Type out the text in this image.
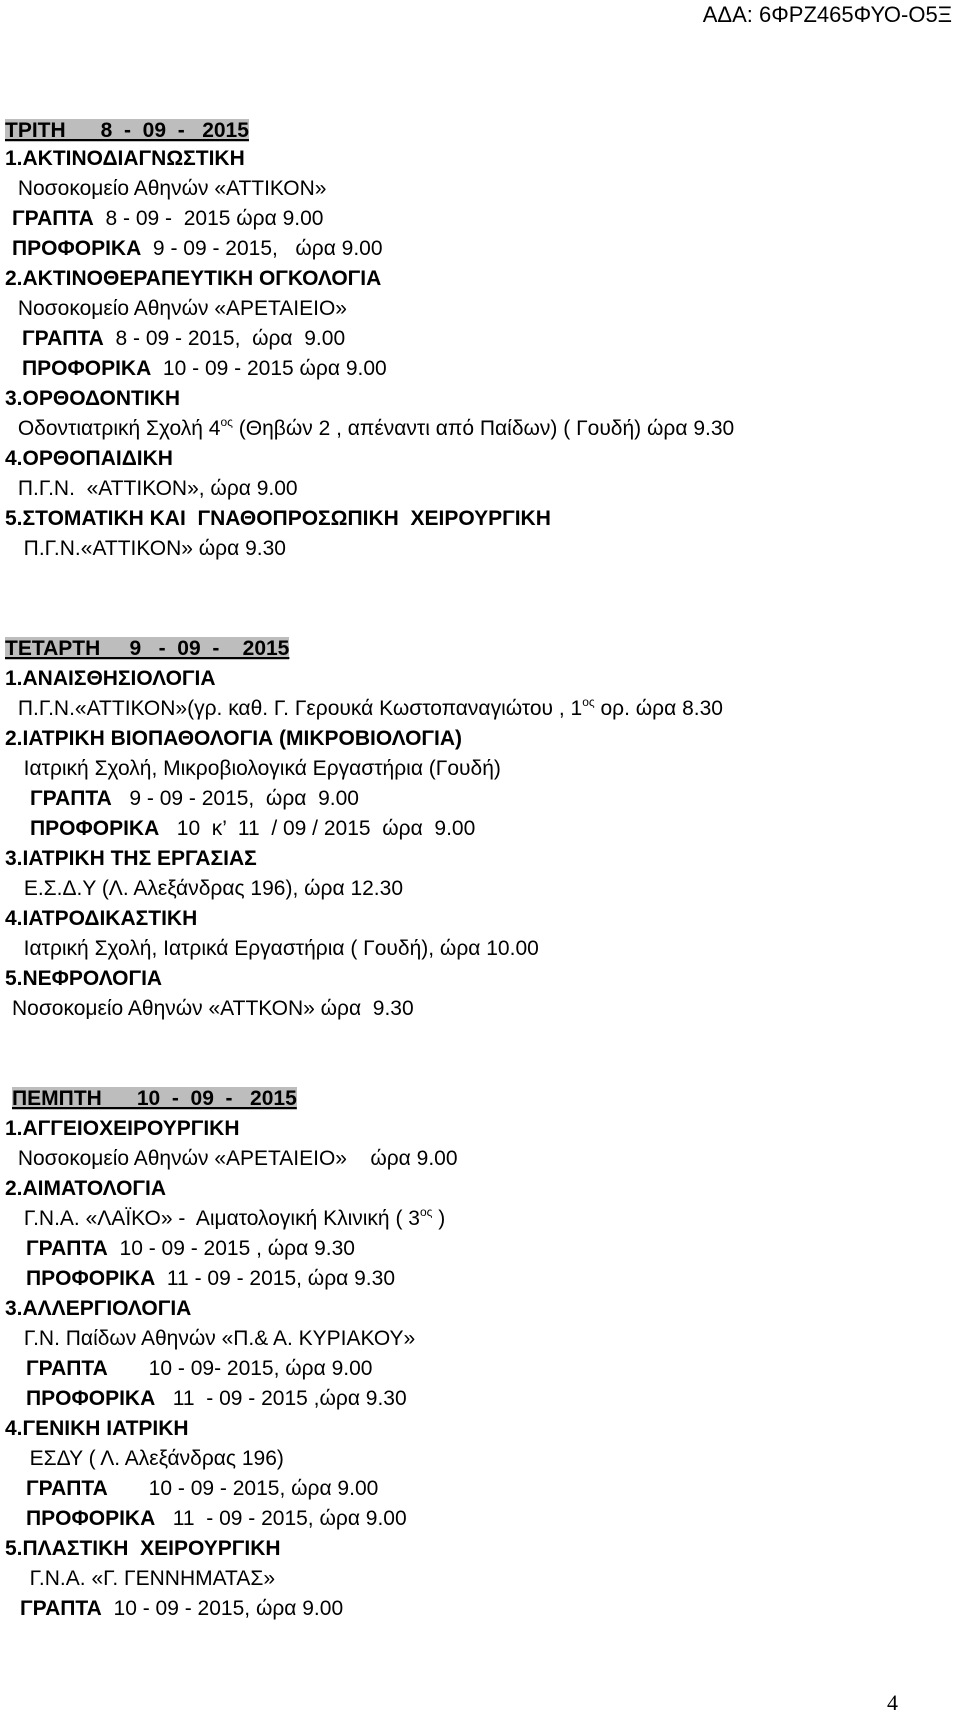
ΑΔΑ: 6ΦΡΖ465ΦΥΟ-Ο5Ξ
ΤΡΙΤΗ      8  -  09  -   2015
1.ΑΚΤΙΝΟΔΙΑΓΝΩΣΤΙΚΗ
Νοσοκομείο Αθηνών «ΑΤΤΙΚΟΝ»
ΓΡΑΠΤΑ  8 - 09 -  2015 ώρα 9.00
ΠΡΟΦΟΡΙΚΑ  9 - 09 - 2015,   ώρα 9.00
2.ΑΚΤΙΝΟΘΕΡΑΠΕΥΤΙΚΗ ΟΓΚΟΛΟΓΙΑ
Νοσοκομείο Αθηνών «ΑΡΕΤΑΙΕΙΟ»
ΓΡΑΠΤΑ  8 - 09 - 2015,  ώρα  9.00
ΠΡΟΦΟΡΙΚΑ  10 - 09 - 2015 ώρα 9.00
3.ΟΡΘΟΔΟΝΤΙΚΗ
Οδοντιατρική Σχολή $4^{o\varsigma}$ (Θηβών 2 , απέναντι από Παίδων) ( Γουδή) ώρα 9.30
4.ΟΡΘΟΠΑΙΔΙΚΗ
Π.Γ.Ν.  «ΑΤΤΙΚΟΝ», ώρα 9.00
5.ΣΤΟΜΑΤΙΚΗ ΚΑΙ  ΓΝΑΘΟΠΡΟΣΩΠΙΚΗ  ΧΕΙΡΟΥΡΓΙΚΗ
Π.Γ.Ν.«ΑΤΤΙΚΟΝ» ώρα 9.30
ΤΕΤΑΡΤΗ     9   -  09  -    2015
1.ΑΝΑΙΣΘΗΣΙΟΛΟΓΙΑ
Π.Γ.Ν.«ΑΤΤΙΚΟΝ»(γρ. καθ. Γ. Γερουκά Κωστοπαναγιώτου , $1^{o\varsigma}$ ορ. ώρα 8.30
2.ΙΑΤΡΙΚΗ ΒΙΟΠΑΘΟΛΟΓΙΑ (ΜΙΚΡΟΒΙΟΛΟΓΙΑ)
Ιατρική Σχολή, Μικροβιολογικά Εργαστήρια (Γουδή)
ΓΡΑΠΤΑ   9 - 09 - 2015,  ώρα  9.00
ΠΡΟΦΟΡΙΚΑ   10  κ’  11  / 09 / 2015  ώρα  9.00
3.ΙΑΤΡΙΚΗ ΤΗΣ ΕΡΓΑΣΙΑΣ
Ε.Σ.Δ.Υ (Λ. Αλεξάνδρας 196), ώρα 12.30
4.ΙΑΤΡΟΔΙΚΑΣΤΙΚΗ
Ιατρική Σχολή, Ιατρικά Εργαστήρια ( Γουδή), ώρα 10.00
5.ΝΕΦΡΟΛΟΓΙΑ
Νοσοκομείο Αθηνών «ΑΤΤΚΟΝ» ώρα  9.30
ΠΕΜΠΤΗ      10  -  09  -   2015
1.ΑΓΓΕΙΟΧΕΙΡΟΥΡΓΙΚΗ
Νοσοκομείο Αθηνών «ΑΡΕΤΑΙΕΙΟ»    ώρα 9.00
2.ΑΙΜΑΤΟΛΟΓΙΑ
Γ.Ν.Α. «ΛΑΪΚΟ» -  Αιματολογική Κλινική ( $3^{o\varsigma}$ )
ΓΡΑΠΤΑ  10 - 09 - 2015 , ώρα 9.30
ΠΡΟΦΟΡΙΚΑ  11 - 09 - 2015, ώρα 9.30
3.ΑΛΛΕΡΓΙΟΛΟΓΙΑ
Γ.Ν. Παίδων Αθηνών «Π.& Α. ΚΥΡΙΑΚΟΥ»
ΓΡΑΠΤΑ       10 - 09- 2015, ώρα 9.00
ΠΡΟΦΟΡΙΚΑ   11  - 09 - 2015 ,ώρα 9.30
4.ΓΕΝΙΚΗ ΙΑΤΡΙΚΗ
ΕΣΔΥ ( Λ. Αλεξάνδρας 196)
ΓΡΑΠΤΑ       10 - 09 - 2015, ώρα 9.00
ΠΡΟΦΟΡΙΚΑ   11  - 09 - 2015, ώρα 9.00
5.ΠΛΑΣΤΙΚΗ  ΧΕΙΡΟΥΡΓΙΚΗ
Γ.Ν.Α. «Γ. ΓΕΝΝΗΜΑΤΑΣ»
ΓΡΑΠΤΑ  10 - 09 - 2015, ώρα 9.00
4
